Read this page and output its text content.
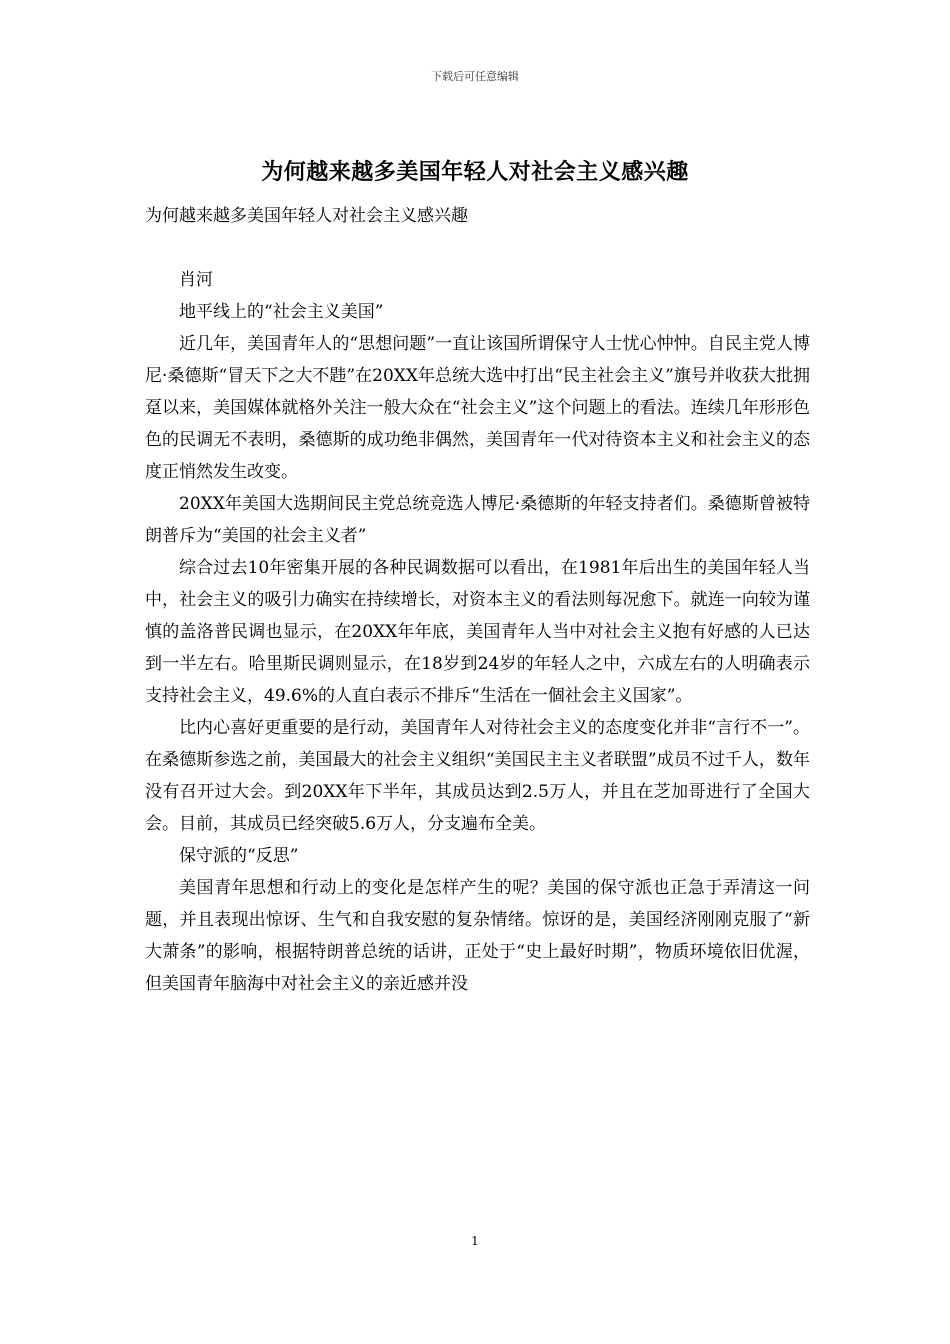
下载后可任意编辑
为何越来越多美国年轻人对社会主义感兴趣

为何越来越多美国年轻人对社会主义感兴趣

肖河

地平线上的“社会主义美国”

近几年，美国青年人的“思想问题”一直让该国所谓保守人士忧心忡忡。自民主党人博尼·桑德斯“冒天下之大不韪”在20XX年总统大选中打出“民主社会主义”旗号并收获大批拥趸以来，美国媒体就格外关注一般大众在“社会主义”这个问题上的看法。连续几年形形色色的民调无不表明，桑德斯的成功绝非偶然，美国青年一代对待资本主义和社会主义的态度正悄然发生改变。

20XX年美国大选期间民主党总统竞选人博尼·桑德斯的年轻支持者们。桑德斯曾被特朗普斥为“美国的社会主义者”

综合过去10年密集开展的各种民调数据可以看出，在1981年后出生的美国年轻人当中，社会主义的吸引力确实在持续增长，对资本主义的看法则每况愈下。就连一向较为谨慎的盖洛普民调也显示，在20XX年年底，美国青年人当中对社会主义抱有好感的人已达到一半左右。哈里斯民调则显示，在18岁到24岁的年轻人之中，六成左右的人明确表示支持社会主义，49.6%的人直白表示不排斥“生活在一個社会主义国家”。

比内心喜好更重要的是行动，美国青年人对待社会主义的态度变化并非“言行不一”。在桑德斯参选之前，美国最大的社会主义组织“美国民主主义者联盟”成员不过千人，数年没有召开过大会。到20XX年下半年，其成员达到2.5万人，并且在芝加哥进行了全国大会。目前，其成员已经突破5.6万人，分支遍布全美。

保守派的“反思”

美国青年思想和行动上的变化是怎样产生的呢？美国的保守派也正急于弄清这一问题，并且表现出惊讶、生气和自我安慰的复杂情绪。惊讶的是，美国经济刚刚克服了“新大萧条”的影响，根据特朗普总统的话讲，正处于“史上最好时期”，物质环境依旧优渥，但美国青年脑海中对社会主义的亲近感并没

1
